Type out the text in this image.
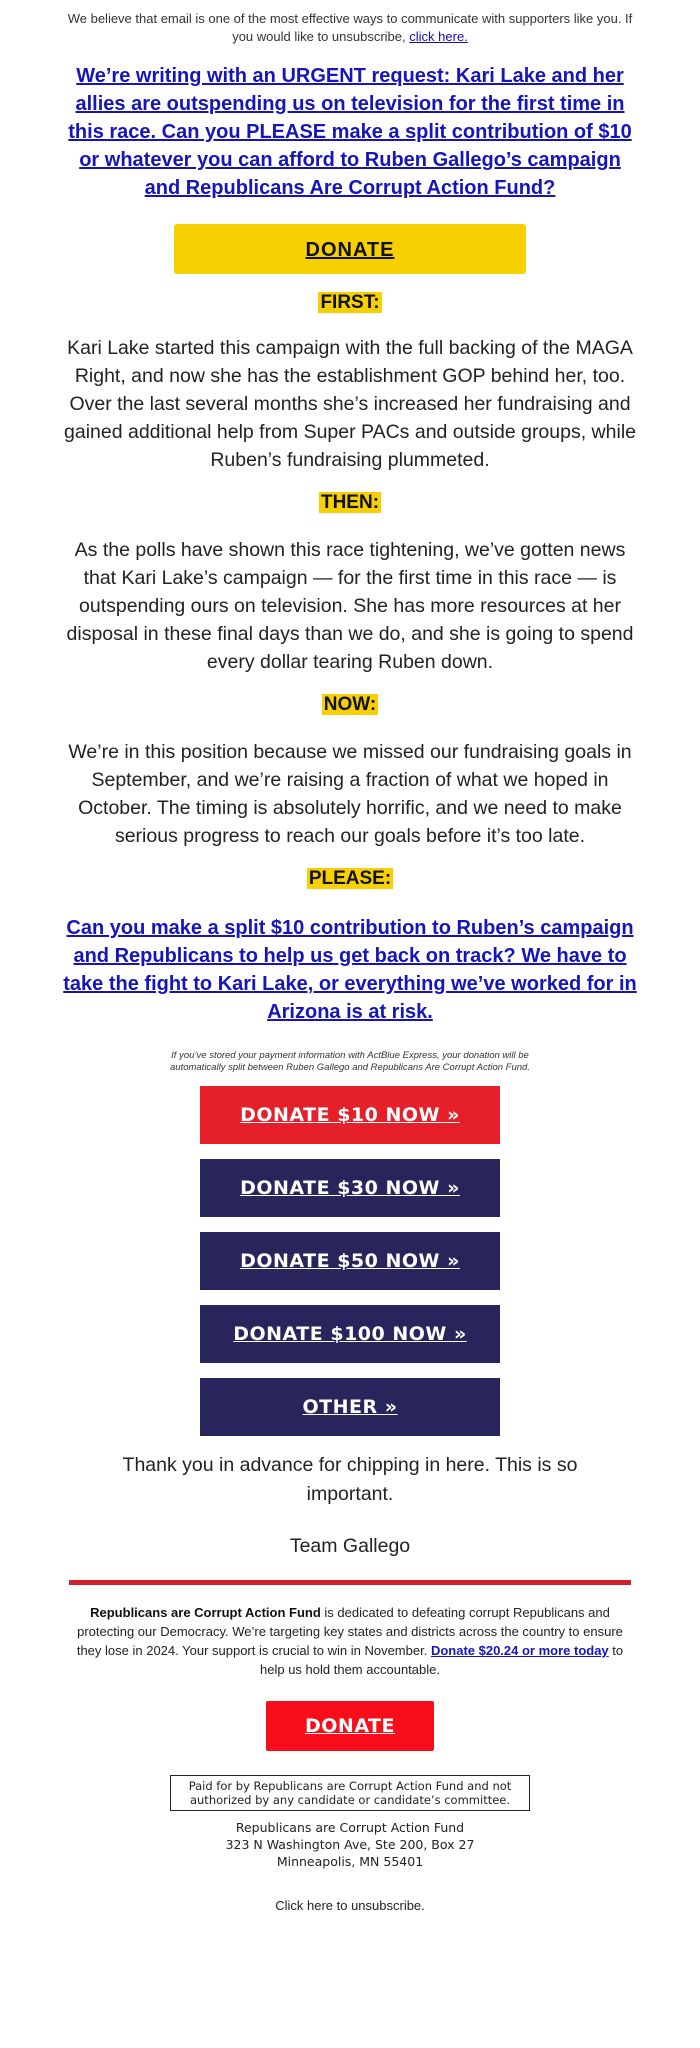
We believe that email is one of the most effective ways to communicate with supporters like you. If you would like to unsubscribe, click here.

We’re writing with an URGENT request: Kari Lake and her allies are outspending us on television for the first time in this race. Can you PLEASE make a split contribution of $10 or whatever you can afford to Ruben Gallego’s campaign and Republicans Are Corrupt Action Fund?
DONATE
FIRST:

Kari Lake started this campaign with the full backing of the MAGA Right, and now she has the establishment GOP behind her, too. Over the last several months she’s increased her fundraising and gained additional help from Super PACs and outside groups, while Ruben’s fundraising plummeted.

THEN:

As the polls have shown this race tightening, we’ve gotten news that Kari Lake’s campaign — for the first time in this race — is outspending ours on television. She has more resources at her disposal in these final days than we do, and she is going to spend every dollar tearing Ruben down.

NOW:

We’re in this position because we missed our fundraising goals in September, and we’re raising a fraction of what we hoped in October. The timing is absolutely horrific, and we need to make serious progress to reach our goals before it’s too late.

PLEASE:
Can you make a split $10 contribution to Ruben’s campaign and Republicans to help us get back on track? We have to take the fight to Kari Lake, or everything we’ve worked for in Arizona is at risk.

If you’ve stored your payment information with ActBlue Express, your donation will be automatically split between Ruben Gallego and Republicans Are Corrupt Action Fund.

DONATE $10 NOW »
DONATE $30 NOW »
DONATE $50 NOW »
DONATE $100 NOW »
OTHER »

Thank you in advance for chipping in here. This is so important.

Team Gallego

Republicans are Corrupt Action Fund is dedicated to defeating corrupt Republicans and protecting our Democracy. We’re targeting key states and districts across the country to ensure they lose in 2024. Your support is crucial to win in November. Donate $20.24 or more today to help us hold them accountable.

DONATE
Paid for by Republicans are Corrupt Action Fund and not authorized by any candidate or candidate’s committee.
Republicans are Corrupt Action Fund
323 N Washington Ave, Ste 200, Box 27
Minneapolis, MN 55401
Click here to unsubscribe.
